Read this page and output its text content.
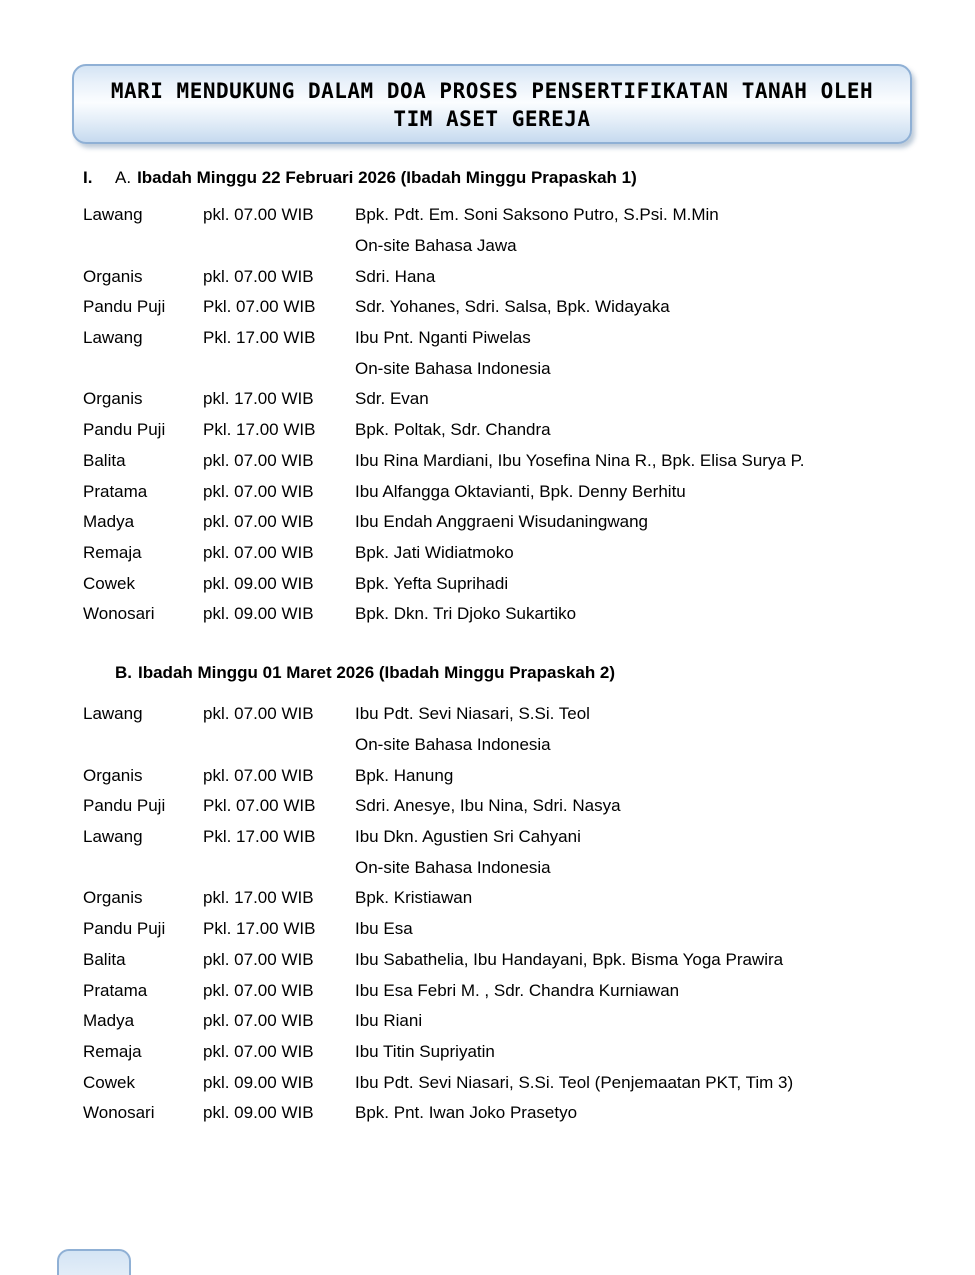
MARI MENDUKUNG DALAM DOA PROSES PENSERTIFIKATAN TANAH OLEH
TIM ASET GEREJA
I. A. Ibadah Minggu 22 Februari 2026 (Ibadah Minggu Prapaskah 1)
Lawang	pkl. 07.00 WIB	Bpk. Pdt. Em. Soni Saksono Putro, S.Psi. M.Min
On-site Bahasa Jawa
Organis	pkl. 07.00 WIB	Sdri. Hana
Pandu Puji	Pkl. 07.00 WIB	Sdr. Yohanes, Sdri. Salsa, Bpk. Widayaka
Lawang	Pkl. 17.00 WIB	Ibu Pnt. Nganti Piwelas
On-site Bahasa Indonesia
Organis	pkl. 17.00 WIB	Sdr. Evan
Pandu Puji	Pkl. 17.00 WIB	Bpk. Poltak, Sdr. Chandra
Balita	pkl. 07.00 WIB	Ibu Rina Mardiani, Ibu Yosefina Nina R., Bpk. Elisa Surya P.
Pratama	pkl. 07.00 WIB	Ibu Alfangga Oktavianti, Bpk. Denny Berhitu
Madya	pkl. 07.00 WIB	Ibu Endah Anggraeni Wisudaningwang
Remaja	pkl. 07.00 WIB	Bpk. Jati Widiatmoko
Cowek	pkl. 09.00 WIB	Bpk. Yefta Suprihadi
Wonosari	pkl. 09.00 WIB	Bpk. Dkn. Tri Djoko Sukartiko
B. Ibadah Minggu 01 Maret 2026 (Ibadah Minggu Prapaskah 2)
Lawang	pkl. 07.00 WIB	Ibu Pdt. Sevi Niasari, S.Si. Teol
On-site Bahasa Indonesia
Organis	pkl. 07.00 WIB	Bpk. Hanung
Pandu Puji	Pkl. 07.00 WIB	Sdri. Anesye, Ibu Nina, Sdri. Nasya
Lawang	Pkl. 17.00 WIB	Ibu Dkn. Agustien Sri Cahyani
On-site Bahasa Indonesia
Organis	pkl. 17.00 WIB	Bpk. Kristiawan
Pandu Puji	Pkl. 17.00 WIB	Ibu Esa
Balita	pkl. 07.00 WIB	Ibu Sabathelia, Ibu Handayani, Bpk. Bisma Yoga Prawira
Pratama	pkl. 07.00 WIB	Ibu Esa Febri M. , Sdr. Chandra Kurniawan
Madya	pkl. 07.00 WIB	Ibu Riani
Remaja	pkl. 07.00 WIB	Ibu Titin Supriyatin
Cowek	pkl. 09.00 WIB	Ibu Pdt. Sevi Niasari, S.Si. Teol (Penjemaatan PKT, Tim 3)
Wonosari	pkl. 09.00 WIB	Bpk. Pnt. Iwan Joko Prasetyo
